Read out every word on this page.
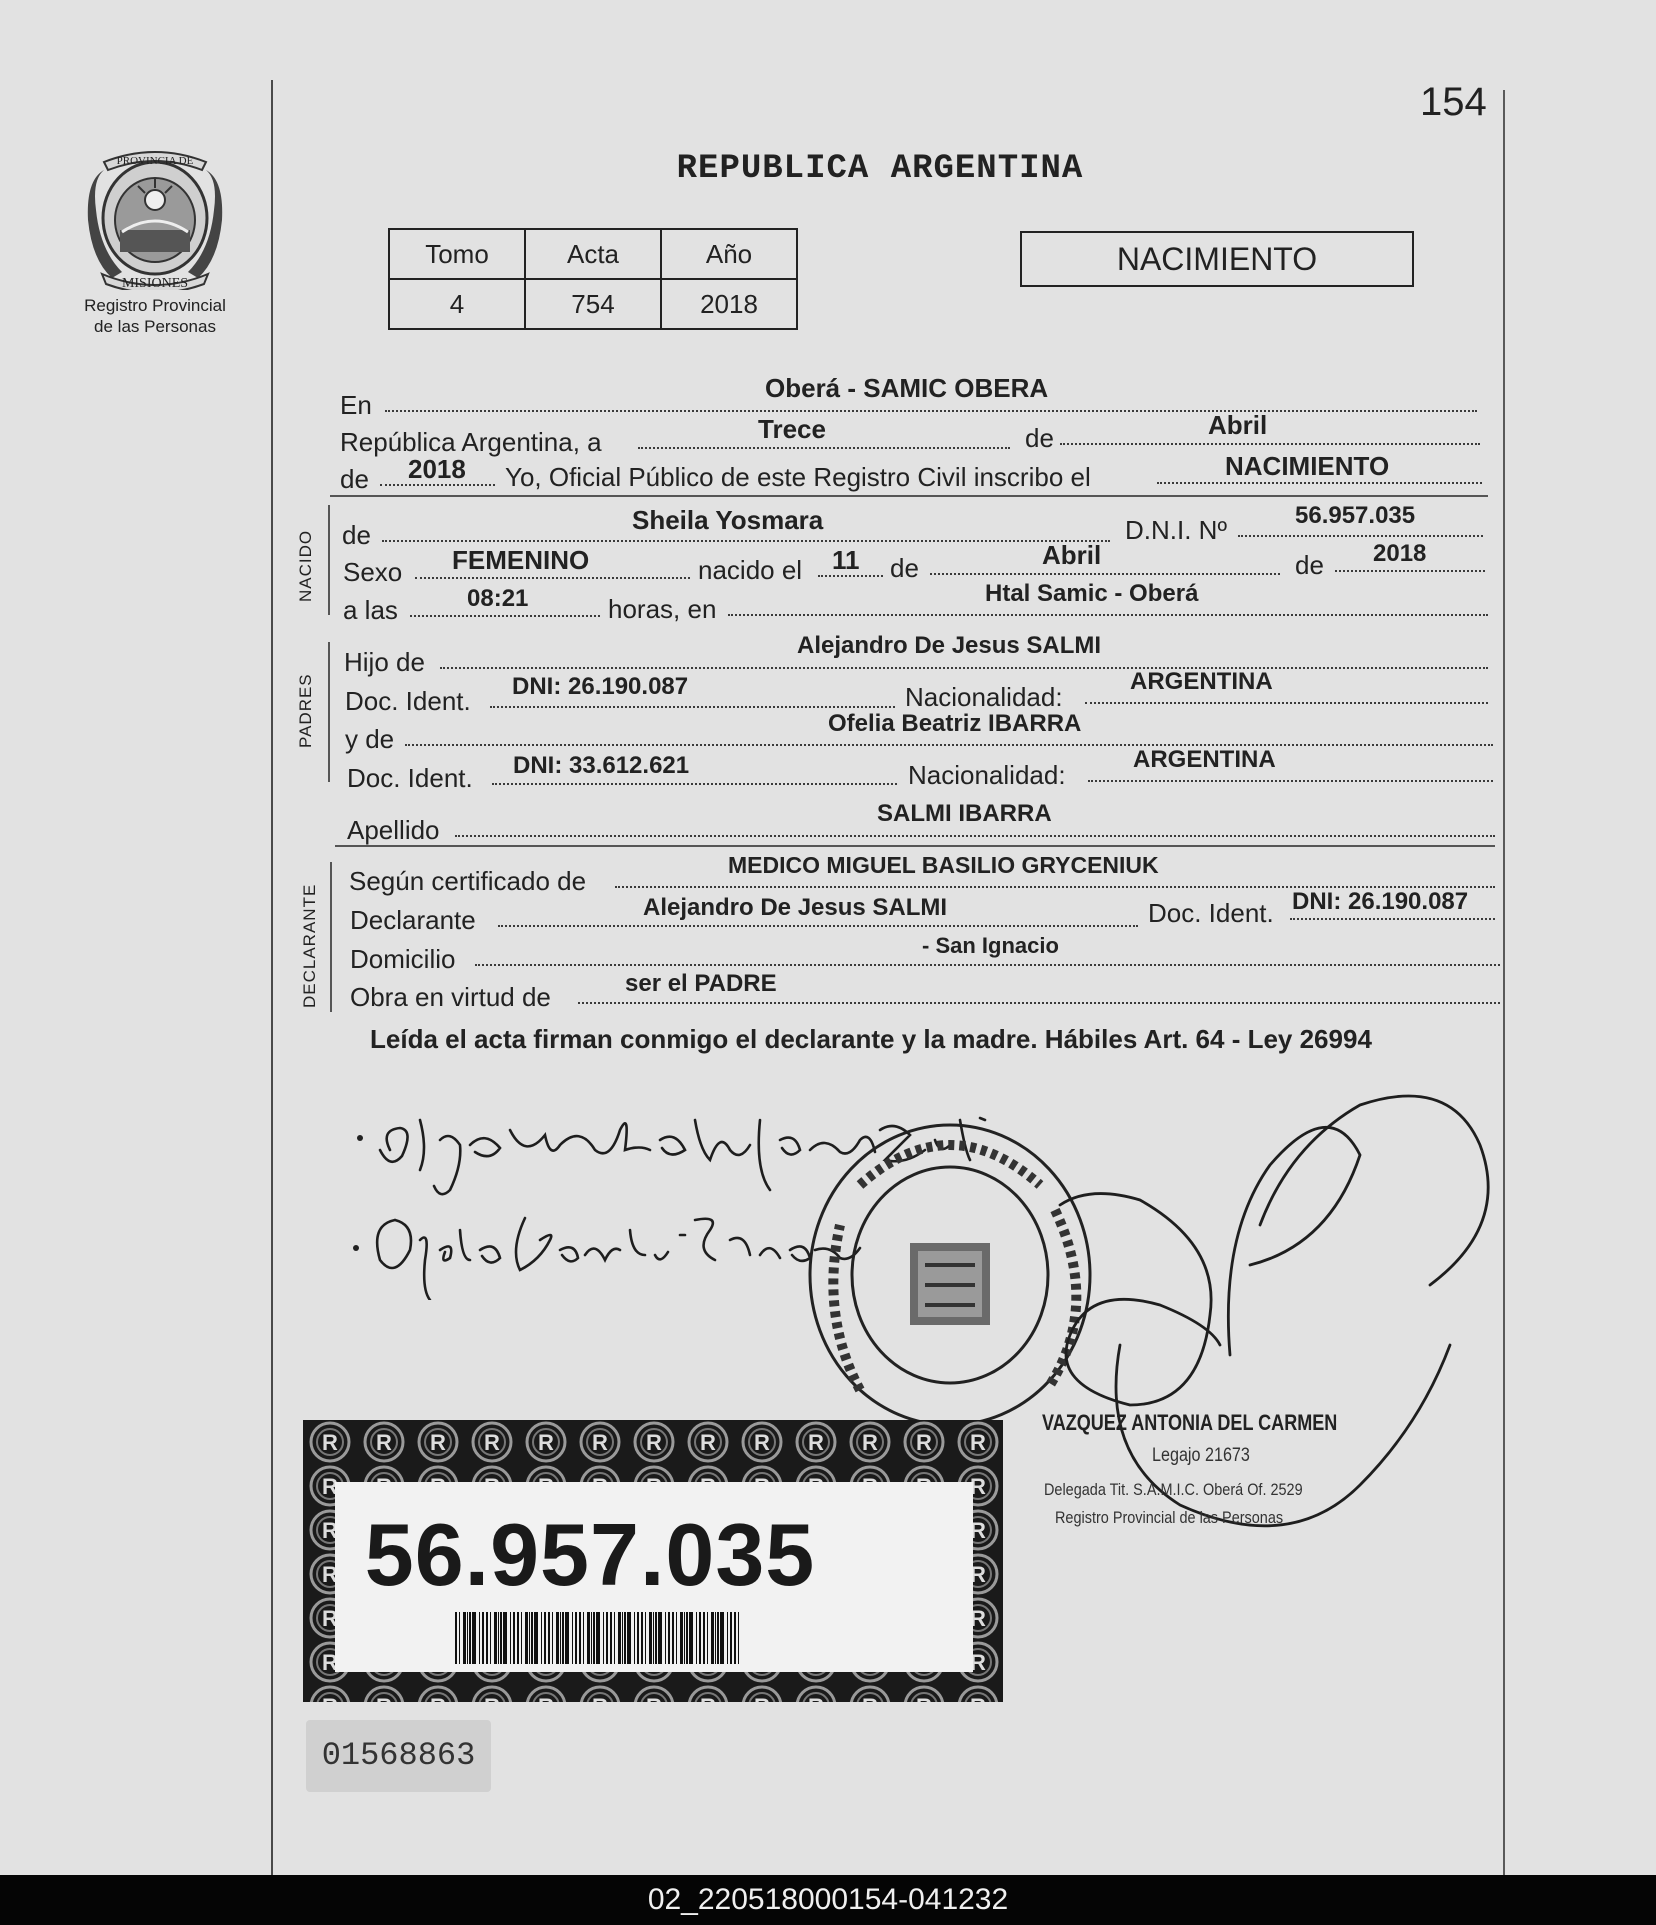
154
PROVINCIA DE
MISIONES
Registro Provincial
de las Personas
REPUBLICA ARGENTINA
Tomo	Acta	Año
4	754	2018
NACIMIENTO
En
Oberá - SAMIC OBERA
República Argentina, a	Trece	de	Abril
de 2018 Yo, Oficial Público de este Registro Civil inscribo el	NACIMIENTO
NACIDO de	Sheila Yosmara	D.N.I. Nº	56.957.035
Sexo FEMENINO	nacido el 11 de	Abril	de 2018
a las	08:21	horas, en
Htal Samic - Oberá
PADRES
Hijo de
Alejandro De Jesus SALMI
Doc. Ident. DNI: 26.190.087	Nacionalidad:
ARGENTINA
y de
Ofelia Beatriz IBARRA
Doc. Ident. DNI: 33.612.621	Nacionalidad:
ARGENTINA
Apellido
SALMI IBARRA
DECLARANTE
Según certificado de
MEDICO MIGUEL BASILIO GRYCENIUK
Declarante	Alejandro De Jesus SALMI	Doc. Ident. DNI: 26.190.087
Domicilio	- San Ignacio
Obra en virtud de	ser el PADRE
Leída el acta firman conmigo el declarante y la madre. Hábiles Art. 64 - Ley 26994
VAZQUEZ ANTONIA DEL CARMEN
Legajo 21673
Delegada Tit. S.A.M.I.C. Oberá Of. 2529
Registro Provincial de las Personas
56.957.035
01568863
02_220518000154-041232
